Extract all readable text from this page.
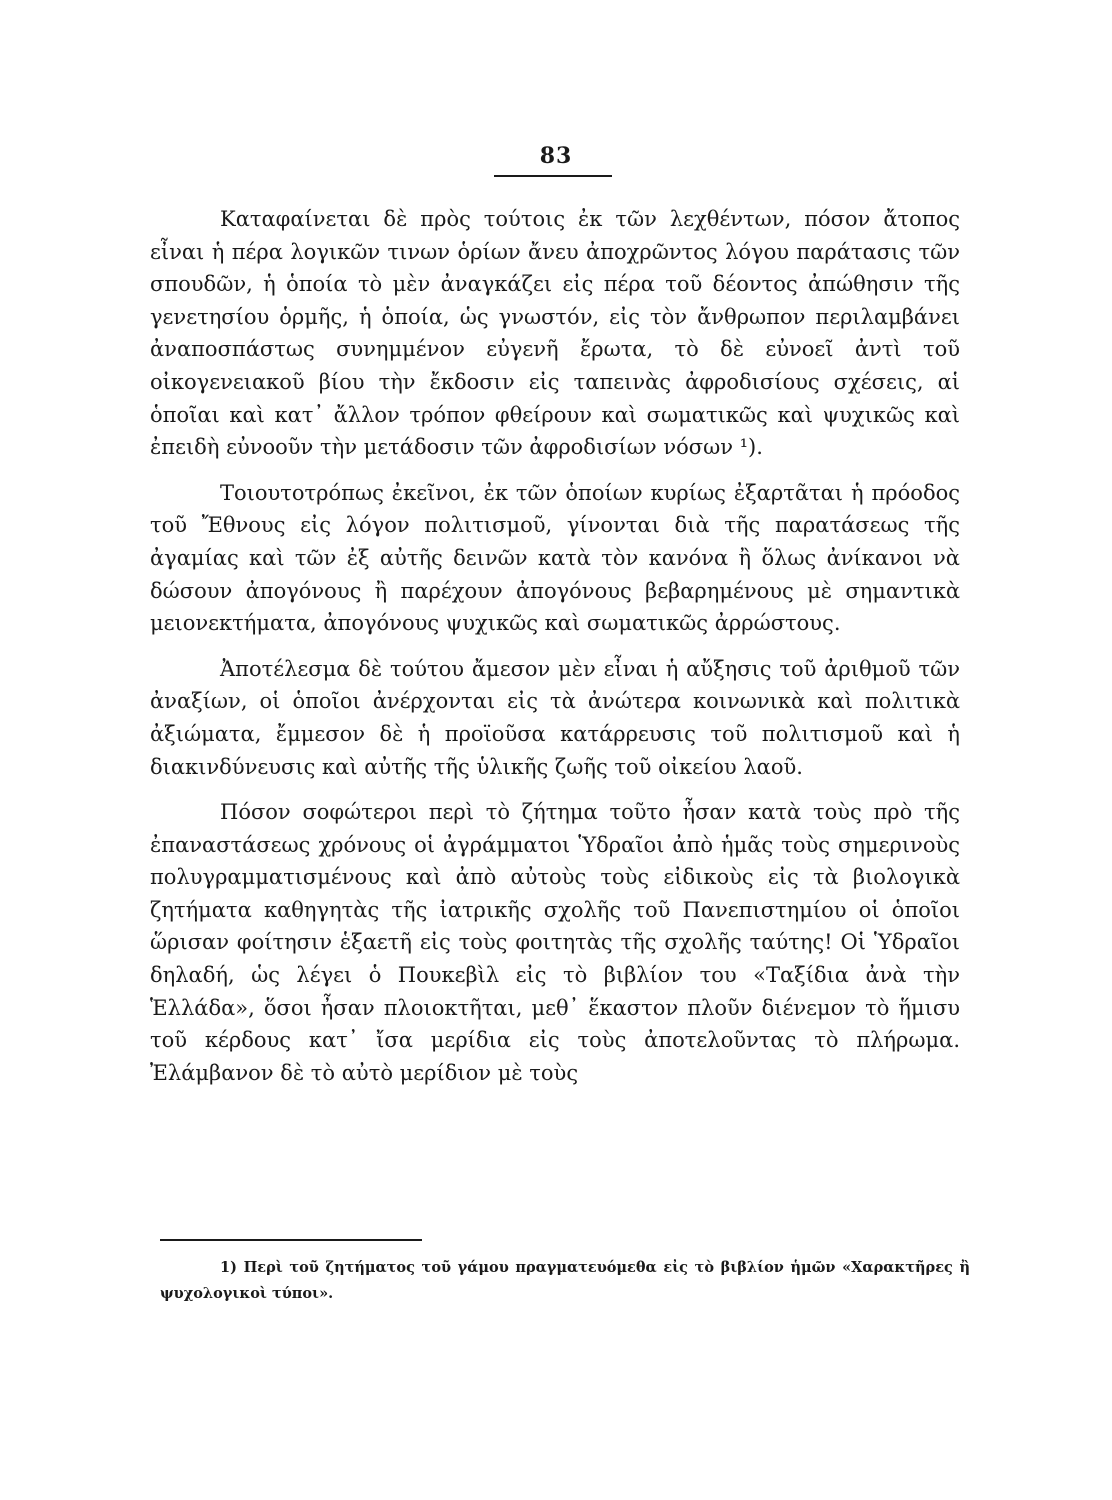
83

Καταφαίνεται δὲ πρὸς τούτοις ἐκ τῶν λεχθέντων, πόσον ἄτοπος εἶναι ἡ πέρα λογικῶν τινων ὁρίων ἄνευ ἀποχρῶντος λόγου παράτασις τῶν σπουδῶν, ἡ ὁποία τὸ μὲν ἀναγκάζει εἰς πέρα τοῦ δέοντος ἀπώθησιν τῆς γενετησίου ὁρμῆς, ἡ ὁποία, ὡς γνωστόν, εἰς τὸν ἄνθρωπον περιλαμβάνει ἀναποσπάστως συνημμένον εὐγενῆ ἔρωτα, τὸ δὲ εὐνοεῖ ἀντὶ τοῦ οἰκογενειακοῦ βίου τὴν ἔκδοσιν εἰς ταπεινὰς ἀφροδισίους σχέσεις, αἱ ὁποῖαι καὶ κατ᾽ ἄλλον τρόπον φθείρουν καὶ σωματικῶς καὶ ψυχικῶς καὶ ἐπειδὴ εὐνοοῦν τὴν μετάδοσιν τῶν ἀφροδισίων νόσων ¹).

Τοιουτοτρόπως ἐκεῖνοι, ἐκ τῶν ὁποίων κυρίως ἐξαρτᾶται ἡ πρόοδος τοῦ Ἔθνους εἰς λόγον πολιτισμοῦ, γίνονται διὰ τῆς παρατάσεως τῆς ἀγαμίας καὶ τῶν ἐξ αὐτῆς δεινῶν κατὰ τὸν κανόνα ἢ ὅλως ἀνίκανοι νὰ δώσουν ἀπογόνους ἢ παρέχουν ἀπογόνους βεβαρημένους μὲ σημαντικὰ μειονεκτήματα, ἀπογόνους ψυχικῶς καὶ σωματικῶς ἀρρώστους.

Ἀποτέλεσμα δὲ τούτου ἄμεσον μὲν εἶναι ἡ αὔξησις τοῦ ἀριθμοῦ τῶν ἀναξίων, οἱ ὁποῖοι ἀνέρχονται εἰς τὰ ἀνώτερα κοινωνικὰ καὶ πολιτικὰ ἀξιώματα, ἔμμεσον δὲ ἡ προϊοῦσα κατάρρευσις τοῦ πολιτισμοῦ καὶ ἡ διακινδύνευσις καὶ αὐτῆς τῆς ὑλικῆς ζωῆς τοῦ οἰκείου λαοῦ.

Πόσον σοφώτεροι περὶ τὸ ζήτημα τοῦτο ἦσαν κατὰ τοὺς πρὸ τῆς ἐπαναστάσεως χρόνους οἱ ἀγράμματοι Ὑδραῖοι ἀπὸ ἡμᾶς τοὺς σημερινοὺς πολυγραμματισμένους καὶ ἀπὸ αὐτοὺς τοὺς εἰδικοὺς εἰς τὰ βιολογικὰ ζητήματα καθηγητὰς τῆς ἰατρικῆς σχολῆς τοῦ Πανεπιστημίου οἱ ὁποῖοι ὥρισαν φοίτησιν ἑξαετῆ εἰς τοὺς φοιτητὰς τῆς σχολῆς ταύτης! Οἱ Ὑδραῖοι δηλαδή, ὡς λέγει ὁ Πουκεβὶλ εἰς τὸ βιβλίον του «Ταξίδια ἀνὰ τὴν Ἑλλάδα», ὅσοι ἦσαν πλοιοκτῆται, μεθ᾽ ἕκαστον πλοῦν διένεμον τὸ ἥμισυ τοῦ κέρδους κατ᾽ ἴσα μερίδια εἰς τοὺς ἀποτελοῦντας τὸ πλήρωμα. Ἐλάμβανον δὲ τὸ αὐτὸ μερίδιον μὲ τοὺς

1) Περὶ τοῦ ζητήματος τοῦ γάμου πραγματευόμεθα εἰς τὸ βιβλίον ἡμῶν «Χαρακτῆρες ἢ ψυχολογικοὶ τύποι».
